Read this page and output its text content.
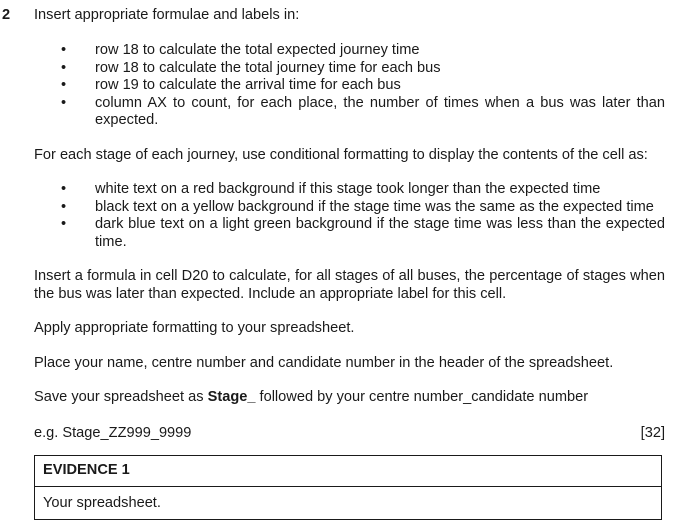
2 Insert appropriate formulae and labels in:
• row 18 to calculate the total expected journey time
• row 18 to calculate the total journey time for each bus
• row 19 to calculate the arrival time for each bus
• column AX to count, for each place, the number of times when a bus was later than expected.
For each stage of each journey, use conditional formatting to display the contents of the cell as:
• white text on a red background if this stage took longer than the expected time
• black text on a yellow background if the stage time was the same as the expected time
• dark blue text on a light green background if the stage time was less than the expected time.
Insert a formula in cell D20 to calculate, for all stages of all buses, the percentage of stages when the bus was later than expected. Include an appropriate label for this cell.
Apply appropriate formatting to your spreadsheet.
Place your name, centre number and candidate number in the header of the spreadsheet.
Save your spreadsheet as Stage_ followed by your centre number_candidate number
e.g. Stage_ZZ999_9999	[32]
EVIDENCE 1
Your spreadsheet.
